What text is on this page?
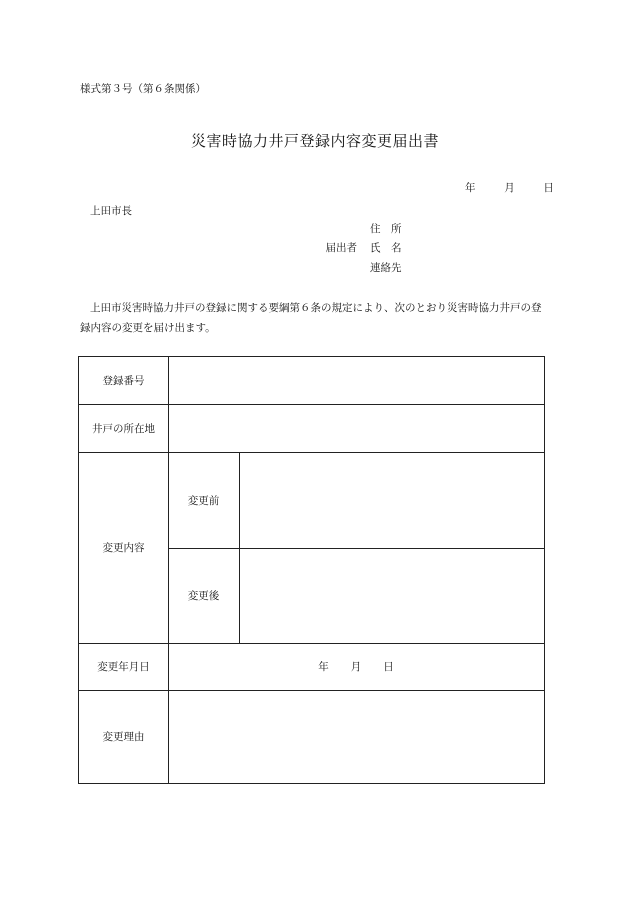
様式第３号（第６条関係）
災害時協力井戸登録内容変更届出書
年	月	日
上田市長
住　所
届出者 氏　名
連絡先
上田市災害時協力井戸の登録に関する要綱第６条の規定により、次のとおり災害時協力井戸の登録内容の変更を届け出ます。
登録番号
井戸の所在地
変更内容
変更前
変更後
変更年月日	年 月 日
変更理由
